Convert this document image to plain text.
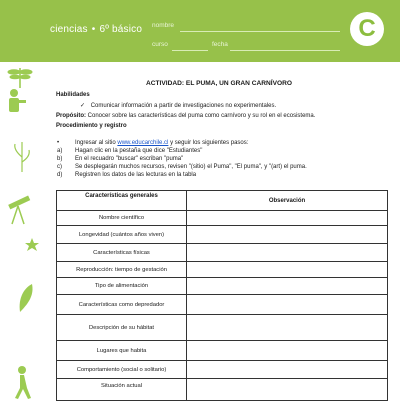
ciencias • 6º básico nombre
curso	fecha
C
ACTIVIDAD: EL PUMA, UN GRAN CARNÍVORO
Habilidades
✓ Comunicar información a partir de investigaciones no experimentales.
Propósito: Conocer sobre las características del puma como carnívoro y su rol en el ecosistema.
Procedimiento y registro
•	Ingresar al sitio www.educarchile.cl y seguir los siguientes pasos:
a) Hagan clic en la pestaña que dice "Estudiantes"
b) En el recuadro "buscar" escriban "puma"
c) Se desplegarán muchos recursos, revisen "(sitio) el Puma", "El puma", y "(art) el puma.
d) Registren los datos de las lecturas en la tabla
Características generales	Observación
Nombre científico	
Longevidad (cuántos años viven)	
Características físicas	
Reproducción: tiempo de gestación	
Tipo de alimentación	
Características como depredador	
Descripción de su hábitat	
Lugares que habita	
Comportamiento (social o solitario)	
Situación actual	
